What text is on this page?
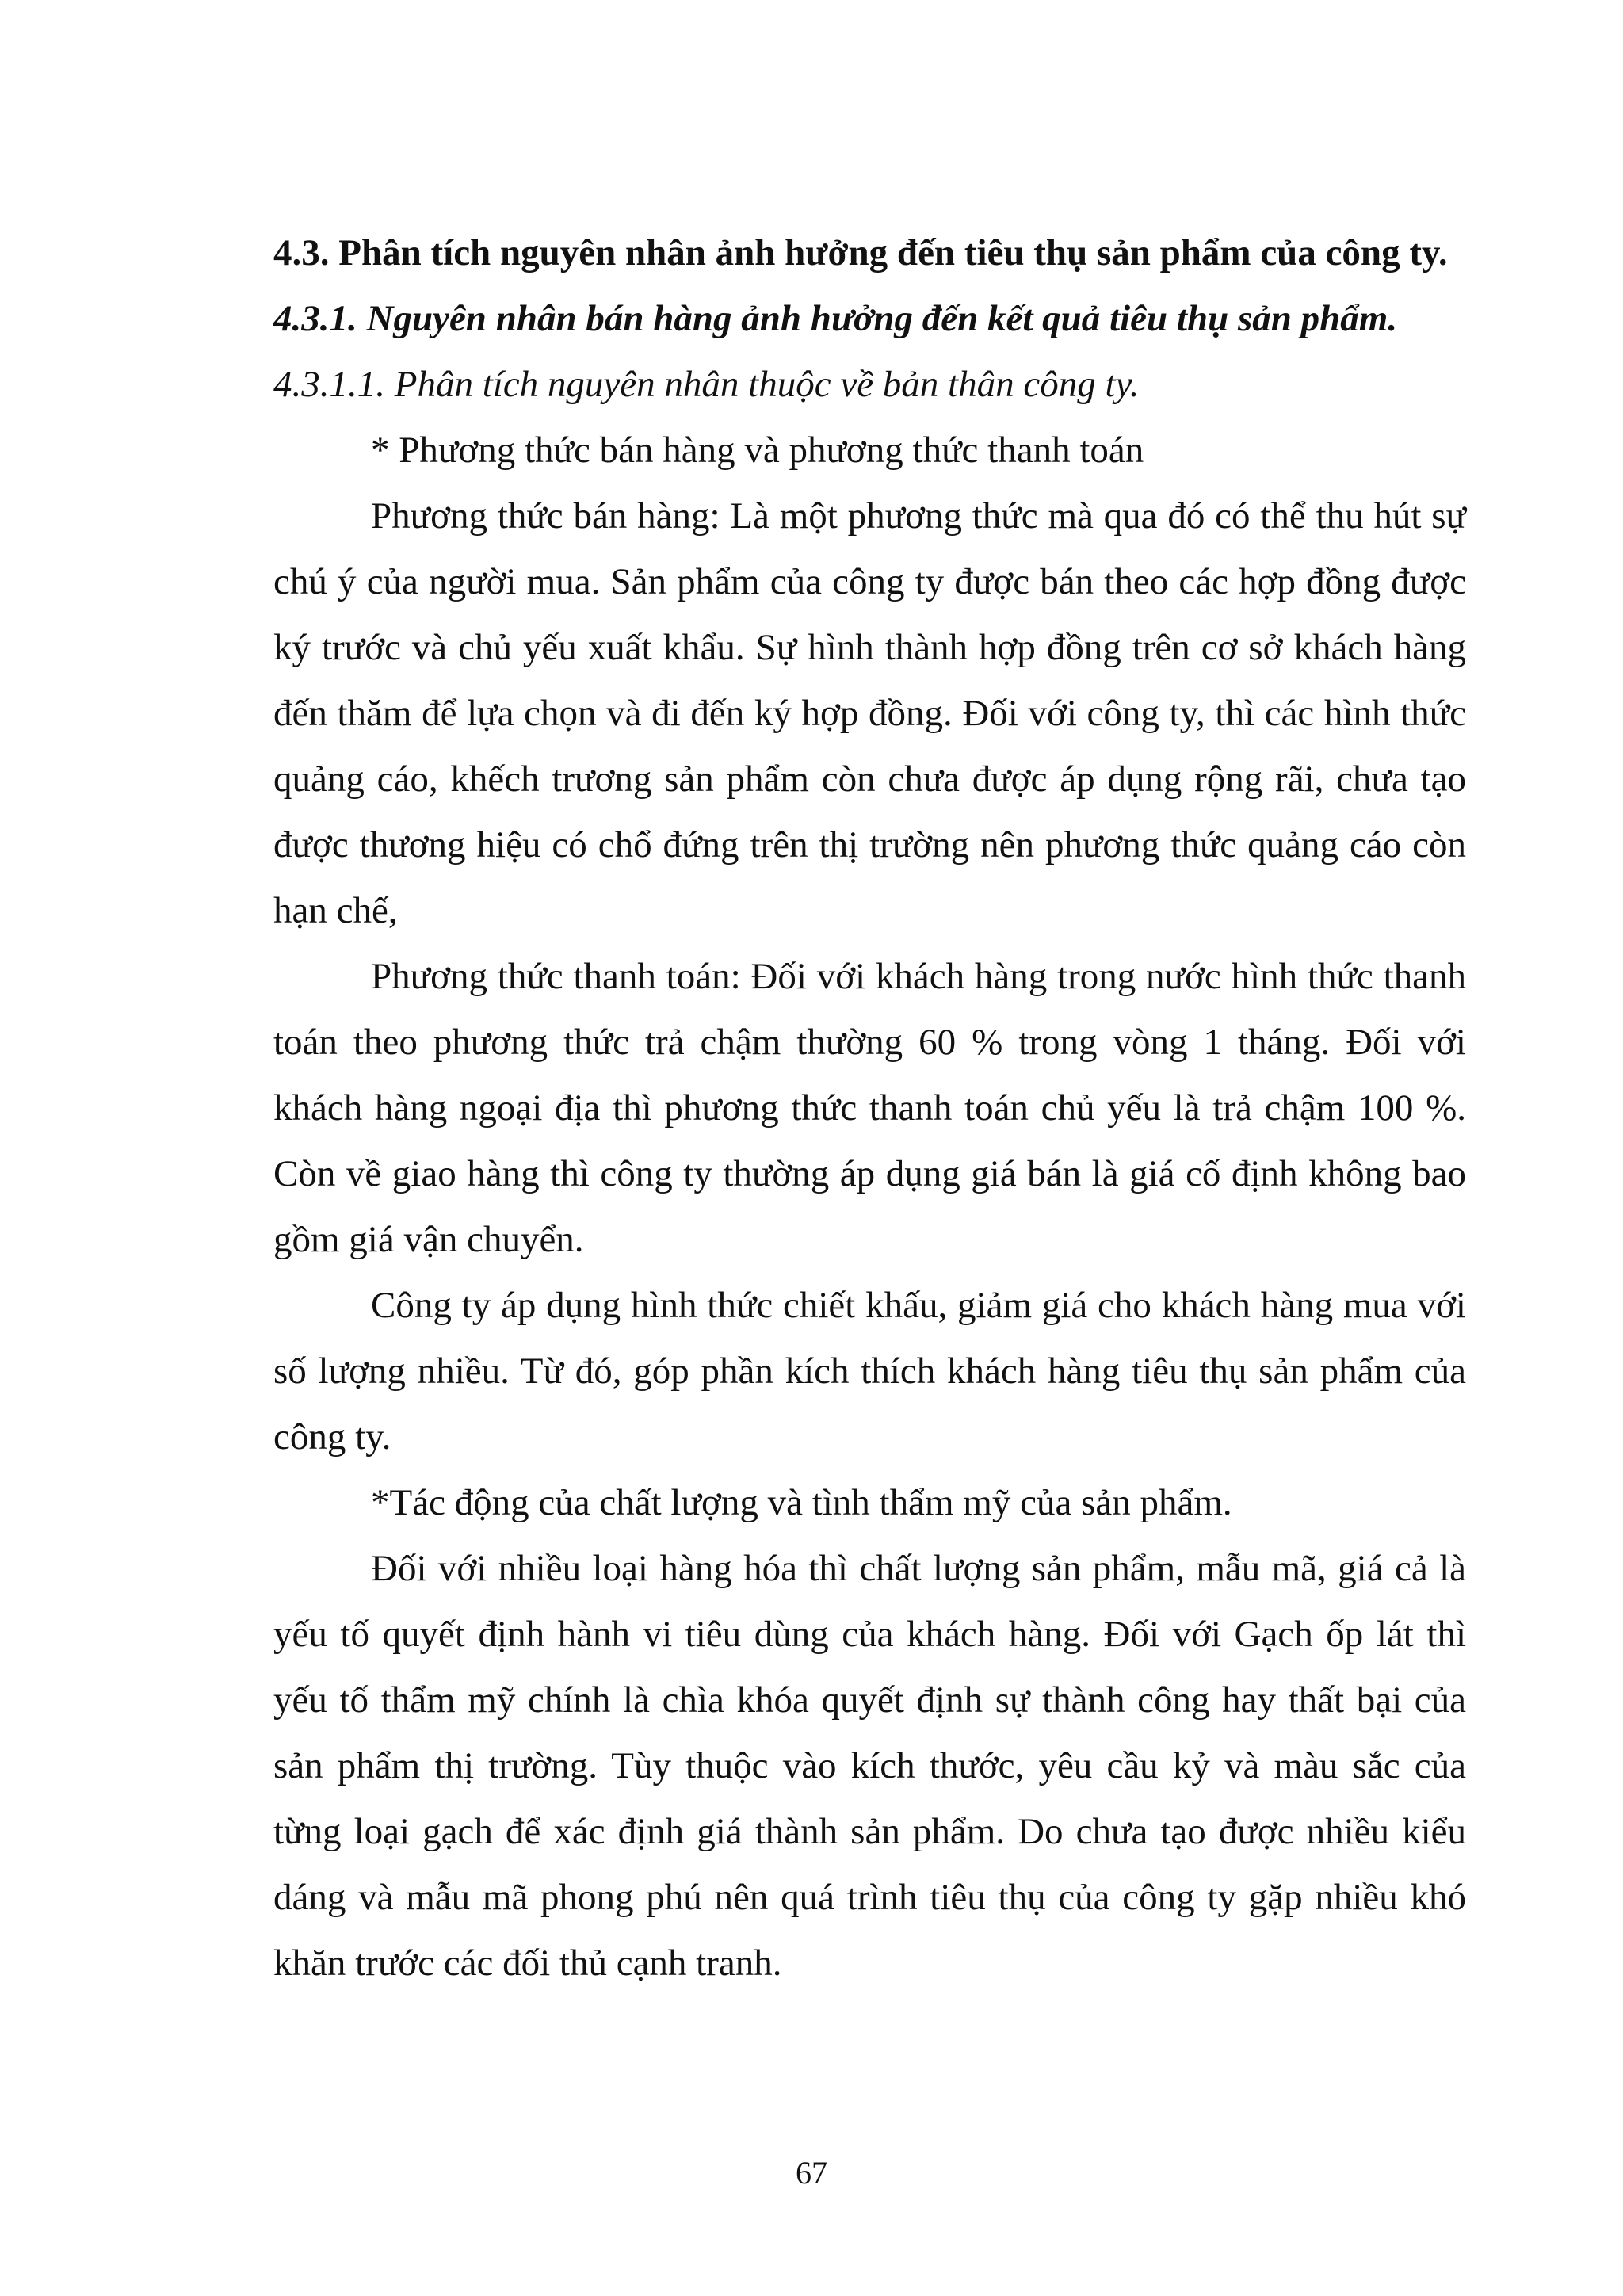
4.3. Phân tích nguyên nhân ảnh hưởng đến tiêu thụ sản phẩm của công ty.

4.3.1. Nguyên nhân bán hàng ảnh hưởng đến kết quả tiêu thụ sản phẩm.

4.3.1.1. Phân tích nguyên nhân thuộc về bản thân công ty.

* Phương thức bán hàng và phương thức thanh toán

Phương thức bán hàng: Là một phương thức mà qua đó có thể thu hút sự chú ý của người mua. Sản phẩm của công ty được bán theo các hợp đồng được ký trước và chủ yếu xuất khẩu. Sự hình thành hợp đồng trên cơ sở khách hàng đến thăm để lựa chọn và đi đến ký hợp đồng. Đối với công ty, thì các hình thức quảng cáo, khếch trương sản phẩm còn chưa được áp dụng rộng rãi, chưa tạo được thương hiệu có chổ đứng trên thị trường nên phương thức quảng cáo còn hạn chế,

Phương thức thanh toán: Đối với khách hàng trong nước hình thức thanh toán theo phương thức trả chậm thường 60 % trong vòng 1 tháng. Đối với khách hàng ngoại địa thì phương thức thanh toán chủ yếu là trả chậm 100 %. Còn về giao hàng thì công ty thường áp dụng giá bán là giá cố định không bao gồm giá vận chuyển.

Công ty áp dụng hình thức chiết khấu, giảm giá cho khách hàng mua với số lượng nhiều. Từ đó, góp phần kích thích khách hàng tiêu thụ sản phẩm của công ty.

*Tác động của chất lượng và tình thẩm mỹ của sản phẩm.

Đối với nhiều loại hàng hóa thì chất lượng sản phẩm, mẫu mã, giá cả là yếu tố quyết định hành vi tiêu dùng của khách hàng. Đối với Gạch ốp lát thì yếu tố thẩm mỹ chính là chìa khóa quyết định sự thành công hay thất bại của sản phẩm thị trường. Tùy thuộc vào kích thước, yêu cầu kỷ và màu sắc của từng loại gạch để xác định giá thành sản phẩm. Do chưa tạo được nhiều kiểu dáng và mẫu mã phong phú nên quá trình tiêu thụ của công ty gặp nhiều khó khăn trước các đối thủ cạnh tranh.

67
